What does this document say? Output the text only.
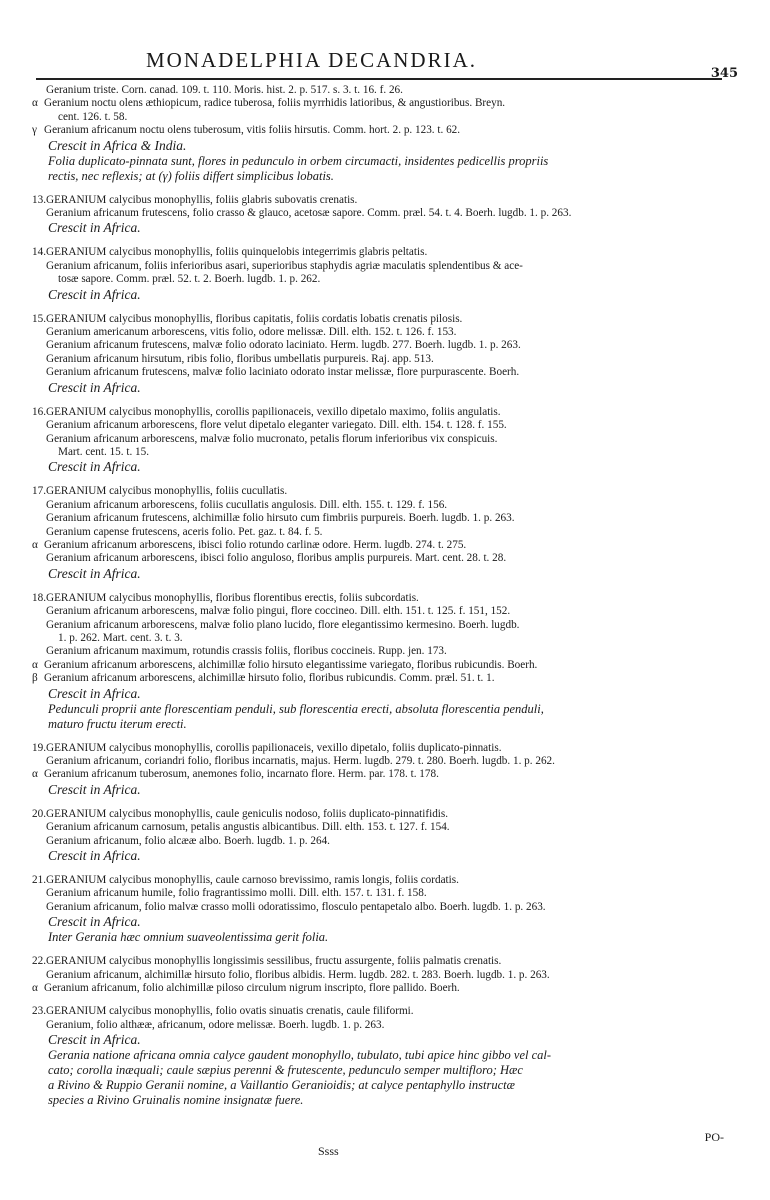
MONADELPHIA DECANDRIA.
345
Geranium triste. Corn. canad. 109. t. 110. Moris. hist. 2. p. 517. s. 3. t. 16. f. 26.
α Geranium noctu olens æthiopicum, radice tuberosa, foliis myrrhidis latioribus, & angustioribus. Breyn.
cent. 126. t. 58.
γ Geranium africanum noctu olens tuberosum, vitis foliis hirsutis. Comm. hort. 2. p. 123. t. 62.
Crescit in Africa & India.
Folia duplicato-pinnata sunt, flores in pedunculo in orbem circumacti, insidentes pedicellis propriis
rectis, nec reflexis; at (γ) foliis differt simplicibus lobatis.
13.GERANIUM calycibus monophyllis, foliis glabris subovatis crenatis.
Geranium africanum frutescens, folio crasso & glauco, acetosæ sapore. Comm. præl. 54. t. 4. Boerh. lugdb. 1. p. 263.
Crescit in Africa.
14.GERANIUM calycibus monophyllis, foliis quinquelobis integerrimis glabris peltatis.
Geranium africanum, foliis inferioribus asari, superioribus staphydis agriæ maculatis splendentibus & ace-
tosæ sapore. Comm. præl. 52. t. 2. Boerh. lugdb. 1. p. 262.
Crescit in Africa.
15.GERANIUM calycibus monophyllis, floribus capitatis, foliis cordatis lobatis crenatis pilosis.
Geranium americanum arborescens, vitis folio, odore melissæ. Dill. elth. 152. t. 126. f. 153.
Geranium africanum frutescens, malvæ folio odorato laciniato. Herm. lugdb. 277. Boerh. lugdb. 1. p. 263.
Geranium africanum hirsutum, ribis folio, floribus umbellatis purpureis. Raj. app. 513.
Geranium africanum frutescens, malvæ folio laciniato odorato instar melissæ, flore purpurascente. Boerh.
Crescit in Africa.
16.GERANIUM calycibus monophyllis, corollis papilionaceis, vexillo dipetalo maximo, foliis angulatis.
Geranium africanum arborescens, flore velut dipetalo eleganter variegato. Dill. elth. 154. t. 128. f. 155.
Geranium africanum arborescens, malvæ folio mucronato, petalis florum inferioribus vix conspicuis.
Mart. cent. 15. t. 15.
Crescit in Africa.
17.GERANIUM calycibus monophyllis, foliis cucullatis.
Geranium africanum arborescens, foliis cucullatis angulosis. Dill. elth. 155. t. 129. f. 156.
Geranium africanum frutescens, alchimillæ folio hirsuto cum fimbriis purpureis. Boerh. lugdb. 1. p. 263.
Geranium capense frutescens, aceris folio. Pet. gaz. t. 84. f. 5.
α Geranium africanum arborescens, ibisci folio rotundo carlinæ odore. Herm. lugdb. 274. t. 275.
Geranium africanum arborescens, ibisci folio anguloso, floribus amplis purpureis. Mart. cent. 28. t. 28.
Crescit in Africa.
18.GERANIUM calycibus monophyllis, floribus florentibus erectis, foliis subcordatis.
Geranium africanum arborescens, malvæ folio pingui, flore coccineo. Dill. elth. 151. t. 125. f. 151, 152.
Geranium africanum arborescens, malvæ folio plano lucido, flore elegantissimo kermesino. Boerh. lugdb.
1. p. 262. Mart. cent. 3. t. 3.
Geranium africanum maximum, rotundis crassis foliis, floribus coccineis. Rupp. jen. 173.
α Geranium africanum arborescens, alchimillæ folio hirsuto elegantissime variegato, floribus rubicundis. Boerh.
β Geranium africanum arborescens, alchimillæ hirsuto folio, floribus rubicundis. Comm. præl. 51. t. 1.
Crescit in Africa.
Pedunculi proprii ante florescentiam penduli, sub florescentia erecti, absoluta florescentia penduli,
maturo fructu iterum erecti.
19.GERANIUM calycibus monophyllis, corollis papilionaceis, vexillo dipetalo, foliis duplicato-pinnatis.
Geranium africanum, coriandri folio, floribus incarnatis, majus. Herm. lugdb. 279. t. 280. Boerh. lugdb. 1. p. 262.
α Geranium africanum tuberosum, anemones folio, incarnato flore. Herm. par. 178. t. 178.
Crescit in Africa.
20.GERANIUM calycibus monophyllis, caule geniculis nodoso, foliis duplicato-pinnatifidis.
Geranium africanum carnosum, petalis angustis albicantibus. Dill. elth. 153. t. 127. f. 154.
Geranium africanum, folio alcææ albo. Boerh. lugdb. 1. p. 264.
Crescit in Africa.
21.GERANIUM calycibus monophyllis, caule carnoso brevissimo, ramis longis, foliis cordatis.
Geranium africanum humile, folio fragrantissimo molli. Dill. elth. 157. t. 131. f. 158.
Geranium africanum, folio malvæ crasso molli odoratissimo, flosculo pentapetalo albo. Boerh. lugdb. 1. p. 263.
Crescit in Africa.
Inter Gerania hæc omnium suaveolentissima gerit folia.
22.GERANIUM calycibus monophyllis longissimis sessilibus, fructu assurgente, foliis palmatis crenatis.
Geranium africanum, alchimillæ hirsuto folio, floribus albidis. Herm. lugdb. 282. t. 283. Boerh. lugdb. 1. p. 263.
α Geranium africanum, folio alchimillæ piloso circulum nigrum inscripto, flore pallido. Boerh.
23.GERANIUM calycibus monophyllis, folio ovatis sinuatis crenatis, caule filiformi.
Geranium, folio althææ, africanum, odore melissæ. Boerh. lugdb. 1. p. 263.
Crescit in Africa.
Gerania natione africana omnia calyce gaudent monophyllo, tubulato, tubi apice hinc gibbo vel cal-
cato; corolla inæquali; caule sæpius perenni & frutescente, pedunculo semper multifloro; Hæc
a Rivino & Ruppio Geranii nomine, a Vaillantio Geranioidis; at calyce pentaphyllo instructæ
species a Rivino Gruinalis nomine insignatæ fuere.
Ssss
PO-
